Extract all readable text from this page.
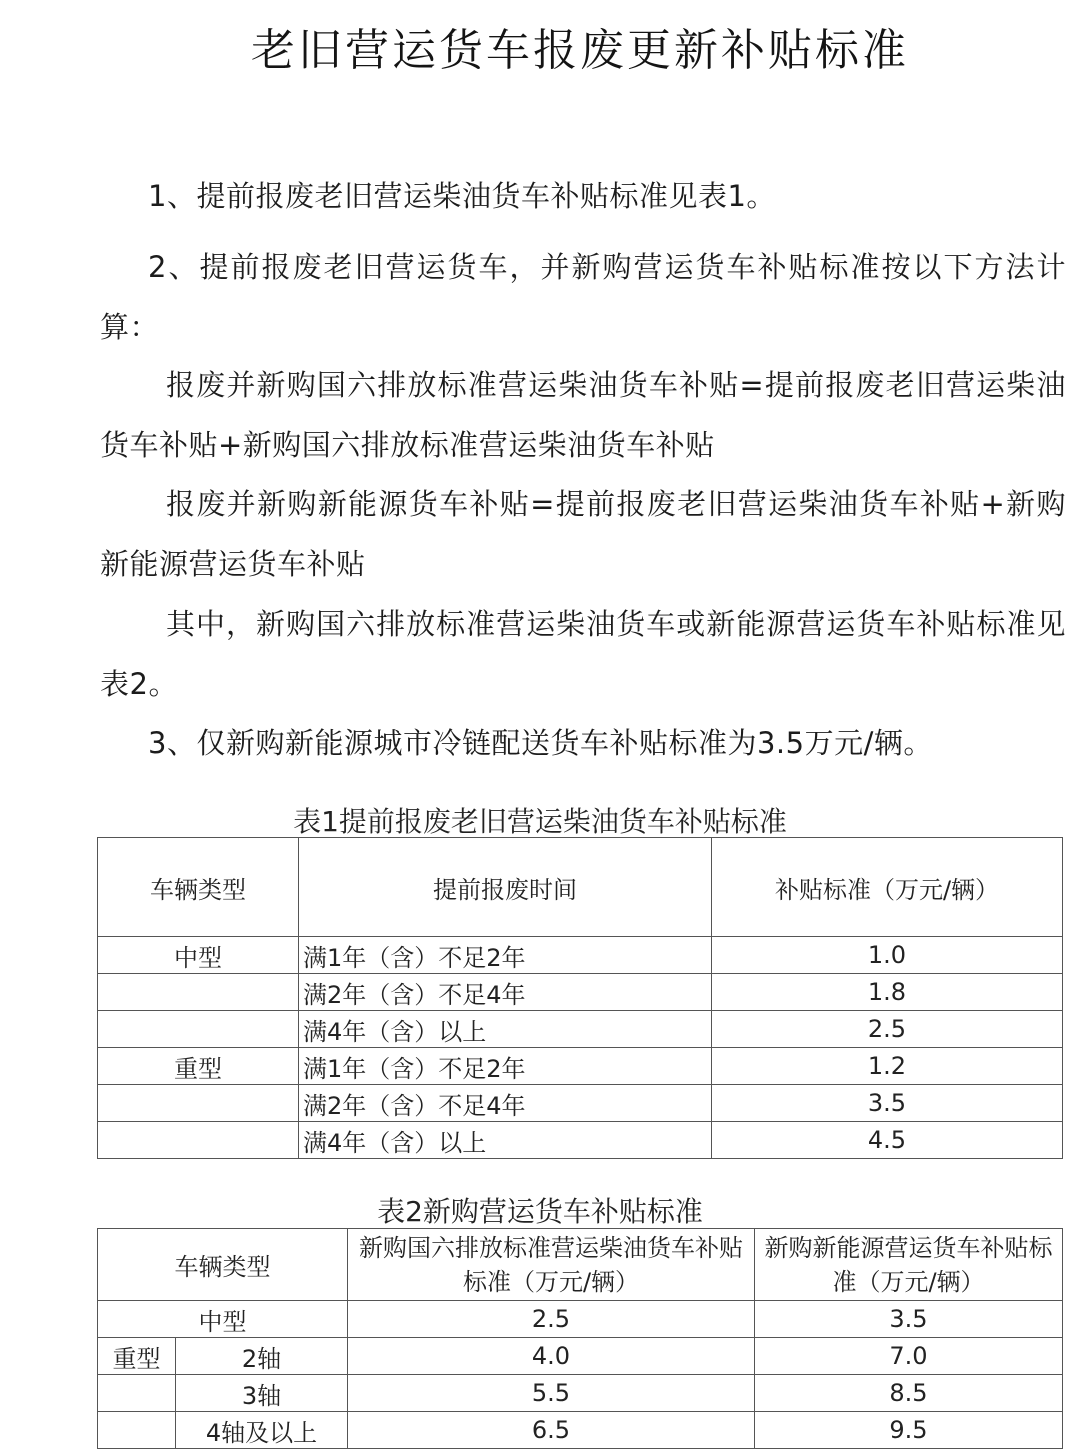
老旧营运货车报废更新补贴标准
1、提前报废老旧营运柴油货车补贴标准见表1。
2、提前报废老旧营运货车，并新购营运货车补贴标准按以下方法计算：
报废并新购国六排放标准营运柴油货车补贴=提前报废老旧营运柴油货车补贴+新购国六排放标准营运柴油货车补贴
报废并新购新能源货车补贴=提前报废老旧营运柴油货车补贴+新购新能源营运货车补贴
其中，新购国六排放标准营运柴油货车或新能源营运货车补贴标准见表2。
3、仅新购新能源城市冷链配送货车补贴标准为3.5万元/辆。
表1提前报废老旧营运柴油货车补贴标准
车辆类型	提前报废时间	补贴标准（万元/辆）
中型	满1年（含）不足2年	1.0
	满2年（含）不足4年	1.8
	满4年（含）以上	2.5
重型	满1年（含）不足2年	1.2
	满2年（含）不足4年	3.5
	满4年（含）以上	4.5
表2新购营运货车补贴标准
车辆类型		新购国六排放标准营运柴油货车补贴标准（万元/辆）	新购新能源营运货车补贴标准（万元/辆）
中型		2.5	3.5
重型	2轴	4.0	7.0
	3轴	5.5	8.5
	4轴及以上	6.5	9.5
